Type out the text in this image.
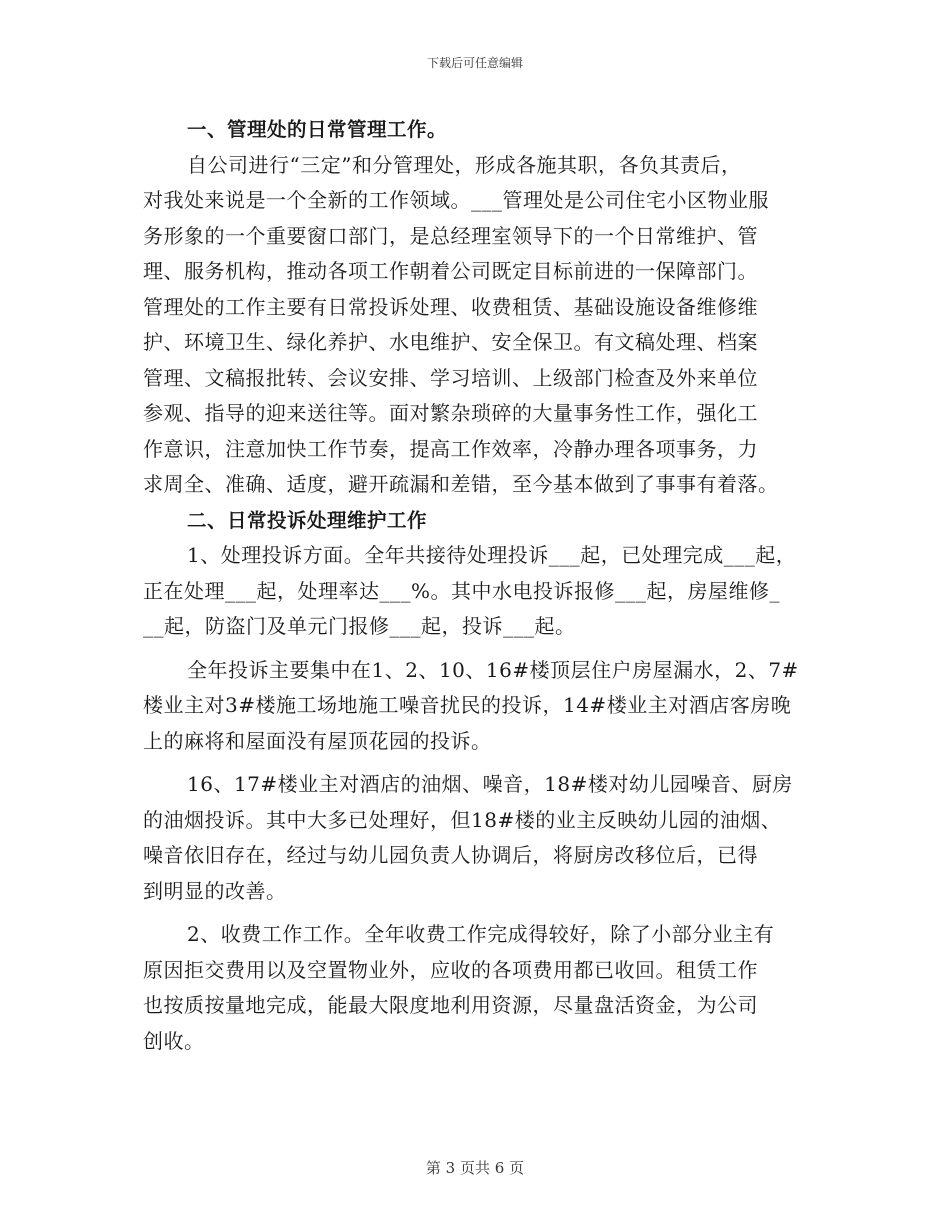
下载后可任意编辑
一、管理处的日常管理工作。
自公司进行“三定”和分管理处，形成各施其职，各负其责后，
对我处来说是一个全新的工作领域。___管理处是公司住宅小区物业服
务形象的一个重要窗口部门，是总经理室领导下的一个日常维护、管
理、服务机构，推动各项工作朝着公司既定目标前进的一保障部门。
管理处的工作主要有日常投诉处理、收费租赁、基础设施设备维修维
护、环境卫生、绿化养护、水电维护、安全保卫。有文稿处理、档案
管理、文稿报批转、会议安排、学习培训、上级部门检查及外来单位
参观、指导的迎来送往等。面对繁杂琐碎的大量事务性工作，强化工
作意识，注意加快工作节奏，提高工作效率，冷静办理各项事务，力
求周全、准确、适度，避开疏漏和差错，至今基本做到了事事有着落。
二、日常投诉处理维护工作
1、处理投诉方面。全年共接待处理投诉___起，已处理完成___起，
正在处理___起，处理率达___%。其中水电投诉报修___起，房屋维修_
__起，防盗门及单元门报修___起，投诉___起。
全年投诉主要集中在1、2、10、16#楼顶层住户房屋漏水，2、7#
楼业主对3#楼施工场地施工噪音扰民的投诉，14#楼业主对酒店客房晚
上的麻将和屋面没有屋顶花园的投诉。
16、17#楼业主对酒店的油烟、噪音，18#楼对幼儿园噪音、厨房
的油烟投诉。其中大多已处理好，但18#楼的业主反映幼儿园的油烟、
噪音依旧存在，经过与幼儿园负责人协调后，将厨房改移位后，已得
到明显的改善。
2、收费工作工作。全年收费工作完成得较好，除了小部分业主有
原因拒交费用以及空置物业外，应收的各项费用都已收回。租赁工作
也按质按量地完成，能最大限度地利用资源，尽量盘活资金，为公司
创收。
第 3 页共 6 页
